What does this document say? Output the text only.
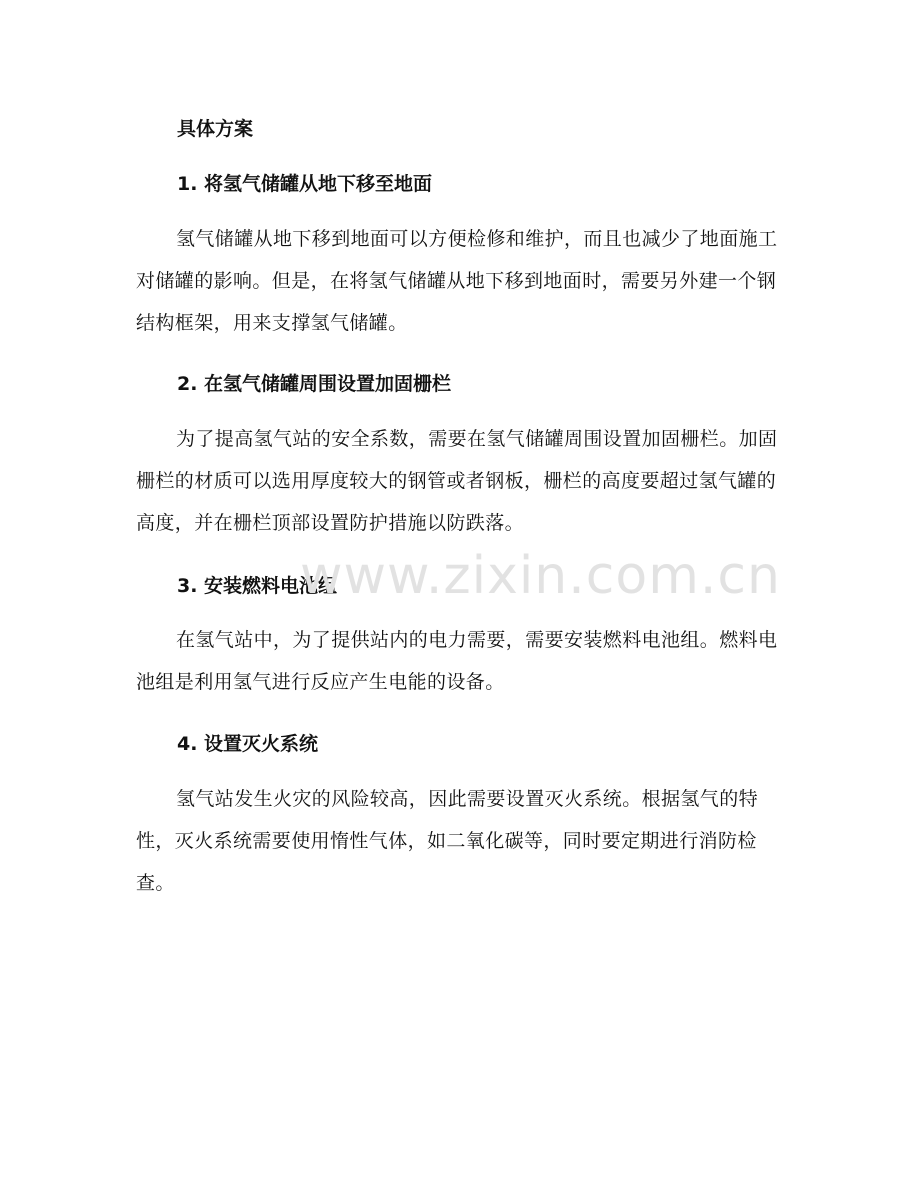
具体方案
1. 将氢气储罐从地下移至地面

氢气储罐从地下移到地面可以方便检修和维护，而且也减少了地面施工对储罐的影响。但是，在将氢气储罐从地下移到地面时，需要另外建一个钢结构框架，用来支撑氢气储罐。

2. 在氢气储罐周围设置加固栅栏

为了提高氢气站的安全系数，需要在氢气储罐周围设置加固栅栏。加固栅栏的材质可以选用厚度较大的钢管或者钢板，栅栏的高度要超过氢气罐的高度，并在栅栏顶部设置防护措施以防跌落。

3. 安装燃料电池组

在氢气站中，为了提供站内的电力需要，需要安装燃料电池组。燃料电池组是利用氢气进行反应产生电能的设备。

4. 设置灭火系统

氢气站发生火灾的风险较高，因此需要设置灭火系统。根据氢气的特性，灭火系统需要使用惰性气体，如二氧化碳等，同时要定期进行消防检查。

www.zixin.com.cn
